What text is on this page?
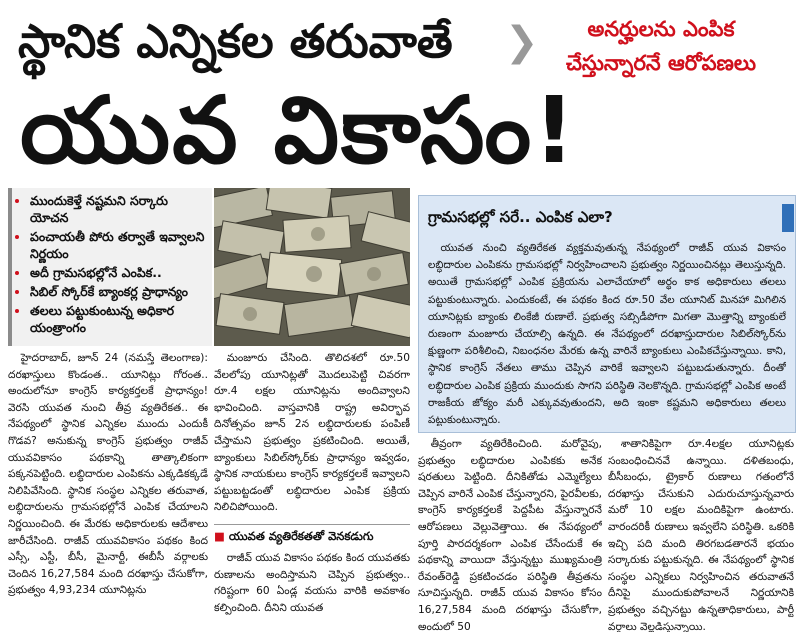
స్థానిక ఎన్నికల తరువాతే	❯	అనర్హులను ఎంపిక
చేస్తున్నారనే ఆరోపణలు
యువ వికాసం!
• ముందుకెళ్తే నష్టమని సర్కారు యోచన
• పంచాయతీ పోరు తర్వాతే ఇవ్వాలని నిర్ణయం
• అదీ గ్రామసభల్లోనే ఎంపిక..
• సిబిల్ స్కోర్‌కే బ్యాంకర్ల ప్రాధాన్యం
• తలలు పట్టుకుంటున్న అధికార యంత్రాంగం
గ్రామసభల్లో సరే.. ఎంపిక ఎలా?

యువత నుంచి వ్యతిరేకత వ్యక్తమవుతున్న నేపథ్యంలో రాజీవ్ యువ వికాసం లబ్ధిదారుల ఎంపికను గ్రామసభల్లో నిర్వహించాలని ప్రభుత్వం నిర్ణయించినట్లు తెలుస్తున్నది. అయితే గ్రామసభల్లో ఎంపిక ప్రక్రియను ఎలాచేయాలో అర్థం కాక అధికారులు తలలు పట్టుకుంటున్నారు. ఎందుకంటే, ఈ పథకం కింద రూ.50 వేల యూనిట్ మినహా మిగిలిన యూనిట్లకు బ్యాంకు లింకేజీ రుణాలే. ప్రభుత్వ సబ్సిడీపోగా మిగతా మొత్తాన్ని బ్యాంకులే రుణంగా మంజూరు చేయాల్సి ఉన్నది. ఈ నేపథ్యంలో దరఖాస్తుదారుల సిబిల్‌స్కోర్‌ను క్షుణ్ణంగా పరిశీలించి, నిబంధనల మేరకు ఉన్న వారినే బ్యాంకులు ఎంపికచేస్తున్నాయి. కాని, స్థానిక కాంగ్రెస్ నేతలు తాము చెప్పిన వారికే ఇవ్వాలని పట్టుబడుతున్నారు. దీంతో లబ్ధిదారుల ఎంపిక ప్రక్రియ ముందుకు సాగని పరిస్థితి నెలకొన్నది. గ్రామసభల్లో ఎంపిక అంటే రాజకీయ జోక్యం మరీ ఎక్కువవుతుందని, అది ఇంకా కష్టమని అధికారులు తలలు పట్టుకుంటున్నారు.

హైదరాబాద్, జూన్ 24 (నమస్తే తెలంగాణ): దరఖాస్తులు కొండంత.. యూనిట్లు గోరంత.. అందులోనూ కాంగ్రెస్ కార్యకర్తలకే ప్రాధాన్యం! వెరసి యువత నుంచి తీవ్ర వ్యతిరేకత.. ఈ నేపథ్యంలో స్థానిక ఎన్నికల ముందు ఎందుకీ గొడవ? అనుకున్న కాంగ్రెస్ ప్రభుత్వం రాజీవ్ యువవికాసం పథకాన్ని తాత్కాలికంగా పక్కనపెట్టింది. లబ్ధిదారుల ఎంపికను ఎక్కడికక్కడే నిలిపివేసింది. స్థానిక సంస్థల ఎన్నికల తరువాత, లబ్ధిదారులను గ్రామసభల్లోనే ఎంపిక చేయాలని నిర్ణయించింది. ఈ మేరకు అధికారులకు ఆదేశాలు జారీచేసింది. రాజీవ్ యువవికాసం పథకం కింద ఎస్సీ, ఎస్టీ, బీసీ, మైనార్టీ, ఈబీసీ వర్గాలకు చెందిన 16,27,584 మంది దరఖాస్తు చేసుకోగా, ప్రభుత్వం 4,93,234 యూనిట్లను

మంజూరు చేసింది. తొలిదశలో రూ.50 వేలలోపు యూనిట్లతో మొదలుపెట్టి చివరగా రూ.4 లక్షల యూనిట్లను అందివ్వాలని భావించింది. వాస్తవానికి రాష్ట్ర అవిర్భావ దినోత్సవం జూన్ 2న లబ్ధిదారులకు పంపిణీ చేస్తామని ప్రభుత్వం ప్రకటించింది. అయితే, బ్యాంకులు సిబిల్‌స్కోర్‌కు ప్రాధాన్యం ఇవ్వడం, స్థానిక నాయకులు కాంగ్రెస్ కార్యకర్తలకే ఇవ్వాలని పట్టుబట్టడంతో లబ్ధిదారుల ఎంపిక ప్రక్రియ నిలిచిపోయింది.

■ యువత వ్యతిరేకతతో వెనకడుగు

రాజీవ్ యువ వికాసం పథకం కింద యువతకు రుణాలను అందిస్తామని చెప్పిన ప్రభుత్వం.. గరిష్టంగా 60 ఏండ్ల వయసు వారికి అవకాశం కల్పించింది. దీనిని యువత

తీవ్రంగా వ్యతిరేకించింది. మరోవైపు, ప్రభుత్వం లబ్ధిదారుల ఎంపికకు అనేక షరతులు పెట్టింది. దీనికితోడు ఎమ్మెల్యేలు చెప్పిన వారినే ఎంపిక చేస్తున్నారని, పైరవీలకు, కాంగ్రెస్ కార్యకర్తలకే పెద్దపీట వేస్తున్నారనే ఆరోపణలు వెల్లువెత్తాయి. ఈ నేపథ్యంలో పూర్తి పారదర్శకంగా ఎంపిక చేసేందుకే ఈ పథకాన్ని వాయిదా వేస్తున్నట్టు ముఖ్యమంత్రి రేవంత్‌రెడ్డి ప్రకటించడం పరిస్థితి తీవ్రతను సూచిస్తున్నది. రాజీవ్ యువ వికాసం కోసం 16,27,584 మంది దరఖాస్తు చేసుకోగా, అందులో 50

శాతానికిపైగా రూ.4లక్షల యూనిట్లకు సంబంధించినవే ఉన్నాయి. దళితబంధు, బీసీబంధు, ట్రైకార్ రుణాలు గతంలోనే దరఖాస్తు చేసుకుని ఎదురుచూస్తున్నవారు మరో 10 లక్షల మందికిపైగా ఉంటారు. వారందరికీ రుణాలు ఇవ్వలేని పరిస్థితి. ఒకరికి ఇచ్చి పది మంది తిరగబడతారనే భయం సర్కారుకు పట్టుకున్నది. ఈ నేపథ్యంలో స్థానిక సంస్థల ఎన్నికలు నిర్వహించిన తరువాతనే దీనిపై ముందుకుపోవాలనే నిర్ణయానికి ప్రభుత్వం వచ్చినట్టు ఉన్నతాధికారులు, పార్టీ వర్గాలు వెల్లడిస్తున్నాయి.
